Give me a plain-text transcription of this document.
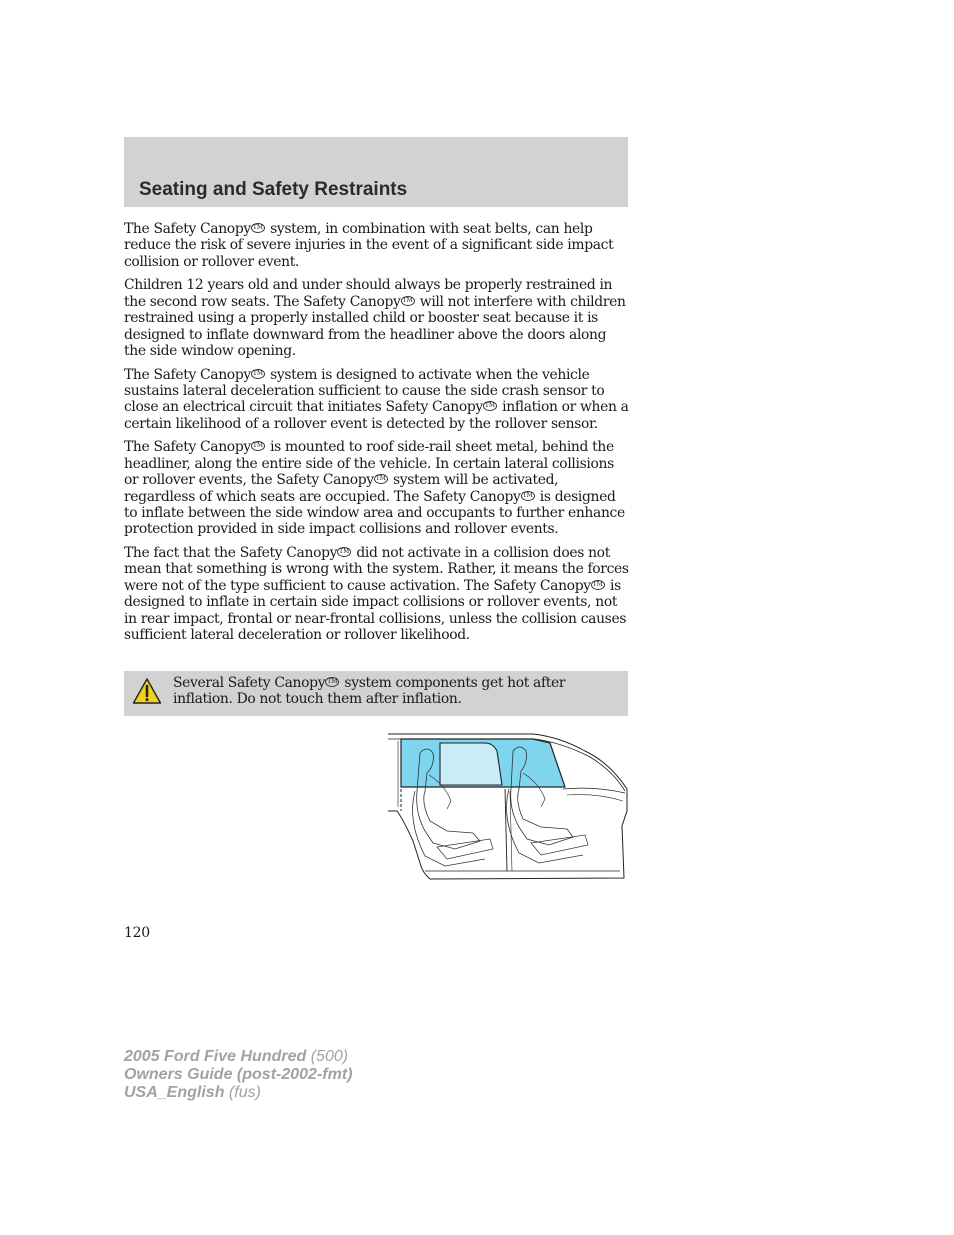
Seating and Safety Restraints

The Safety Canopy TM system, in combination with seat belts, can help reduce the risk of severe injuries in the event of a significant side impact collision or rollover event.

Children 12 years old and under should always be properly restrained in the second row seats. The Safety Canopy TM will not interfere with children restrained using a properly installed child or booster seat because it is designed to inflate downward from the headliner above the doors along the side window opening.

The Safety Canopy TM system is designed to activate when the vehicle sustains lateral deceleration sufficient to cause the side crash sensor to close an electrical circuit that initiates Safety Canopy TM inflation or when a certain likelihood of a rollover event is detected by the rollover sensor.

The Safety Canopy TM is mounted to roof side-rail sheet metal, behind the headliner, along the entire side of the vehicle. In certain lateral collisions or rollover events, the Safety Canopy TM system will be activated, regardless of which seats are occupied. The Safety Canopy TM is designed to inflate between the side window area and occupants to further enhance protection provided in side impact collisions and rollover events.

The fact that the Safety Canopy TM did not activate in a collision does not mean that something is wrong with the system. Rather, it means the forces were not of the type sufficient to cause activation. The Safety Canopy TM is designed to inflate in certain side impact collisions or rollover events, not in rear impact, frontal or near-frontal collisions, unless the collision causes sufficient lateral deceleration or rollover likelihood.

Several Safety Canopy TM system components get hot after inflation. Do not touch them after inflation.

120
2005 Ford Five Hundred (500)
Owners Guide (post-2002-fmt)
USA_English (fus)
